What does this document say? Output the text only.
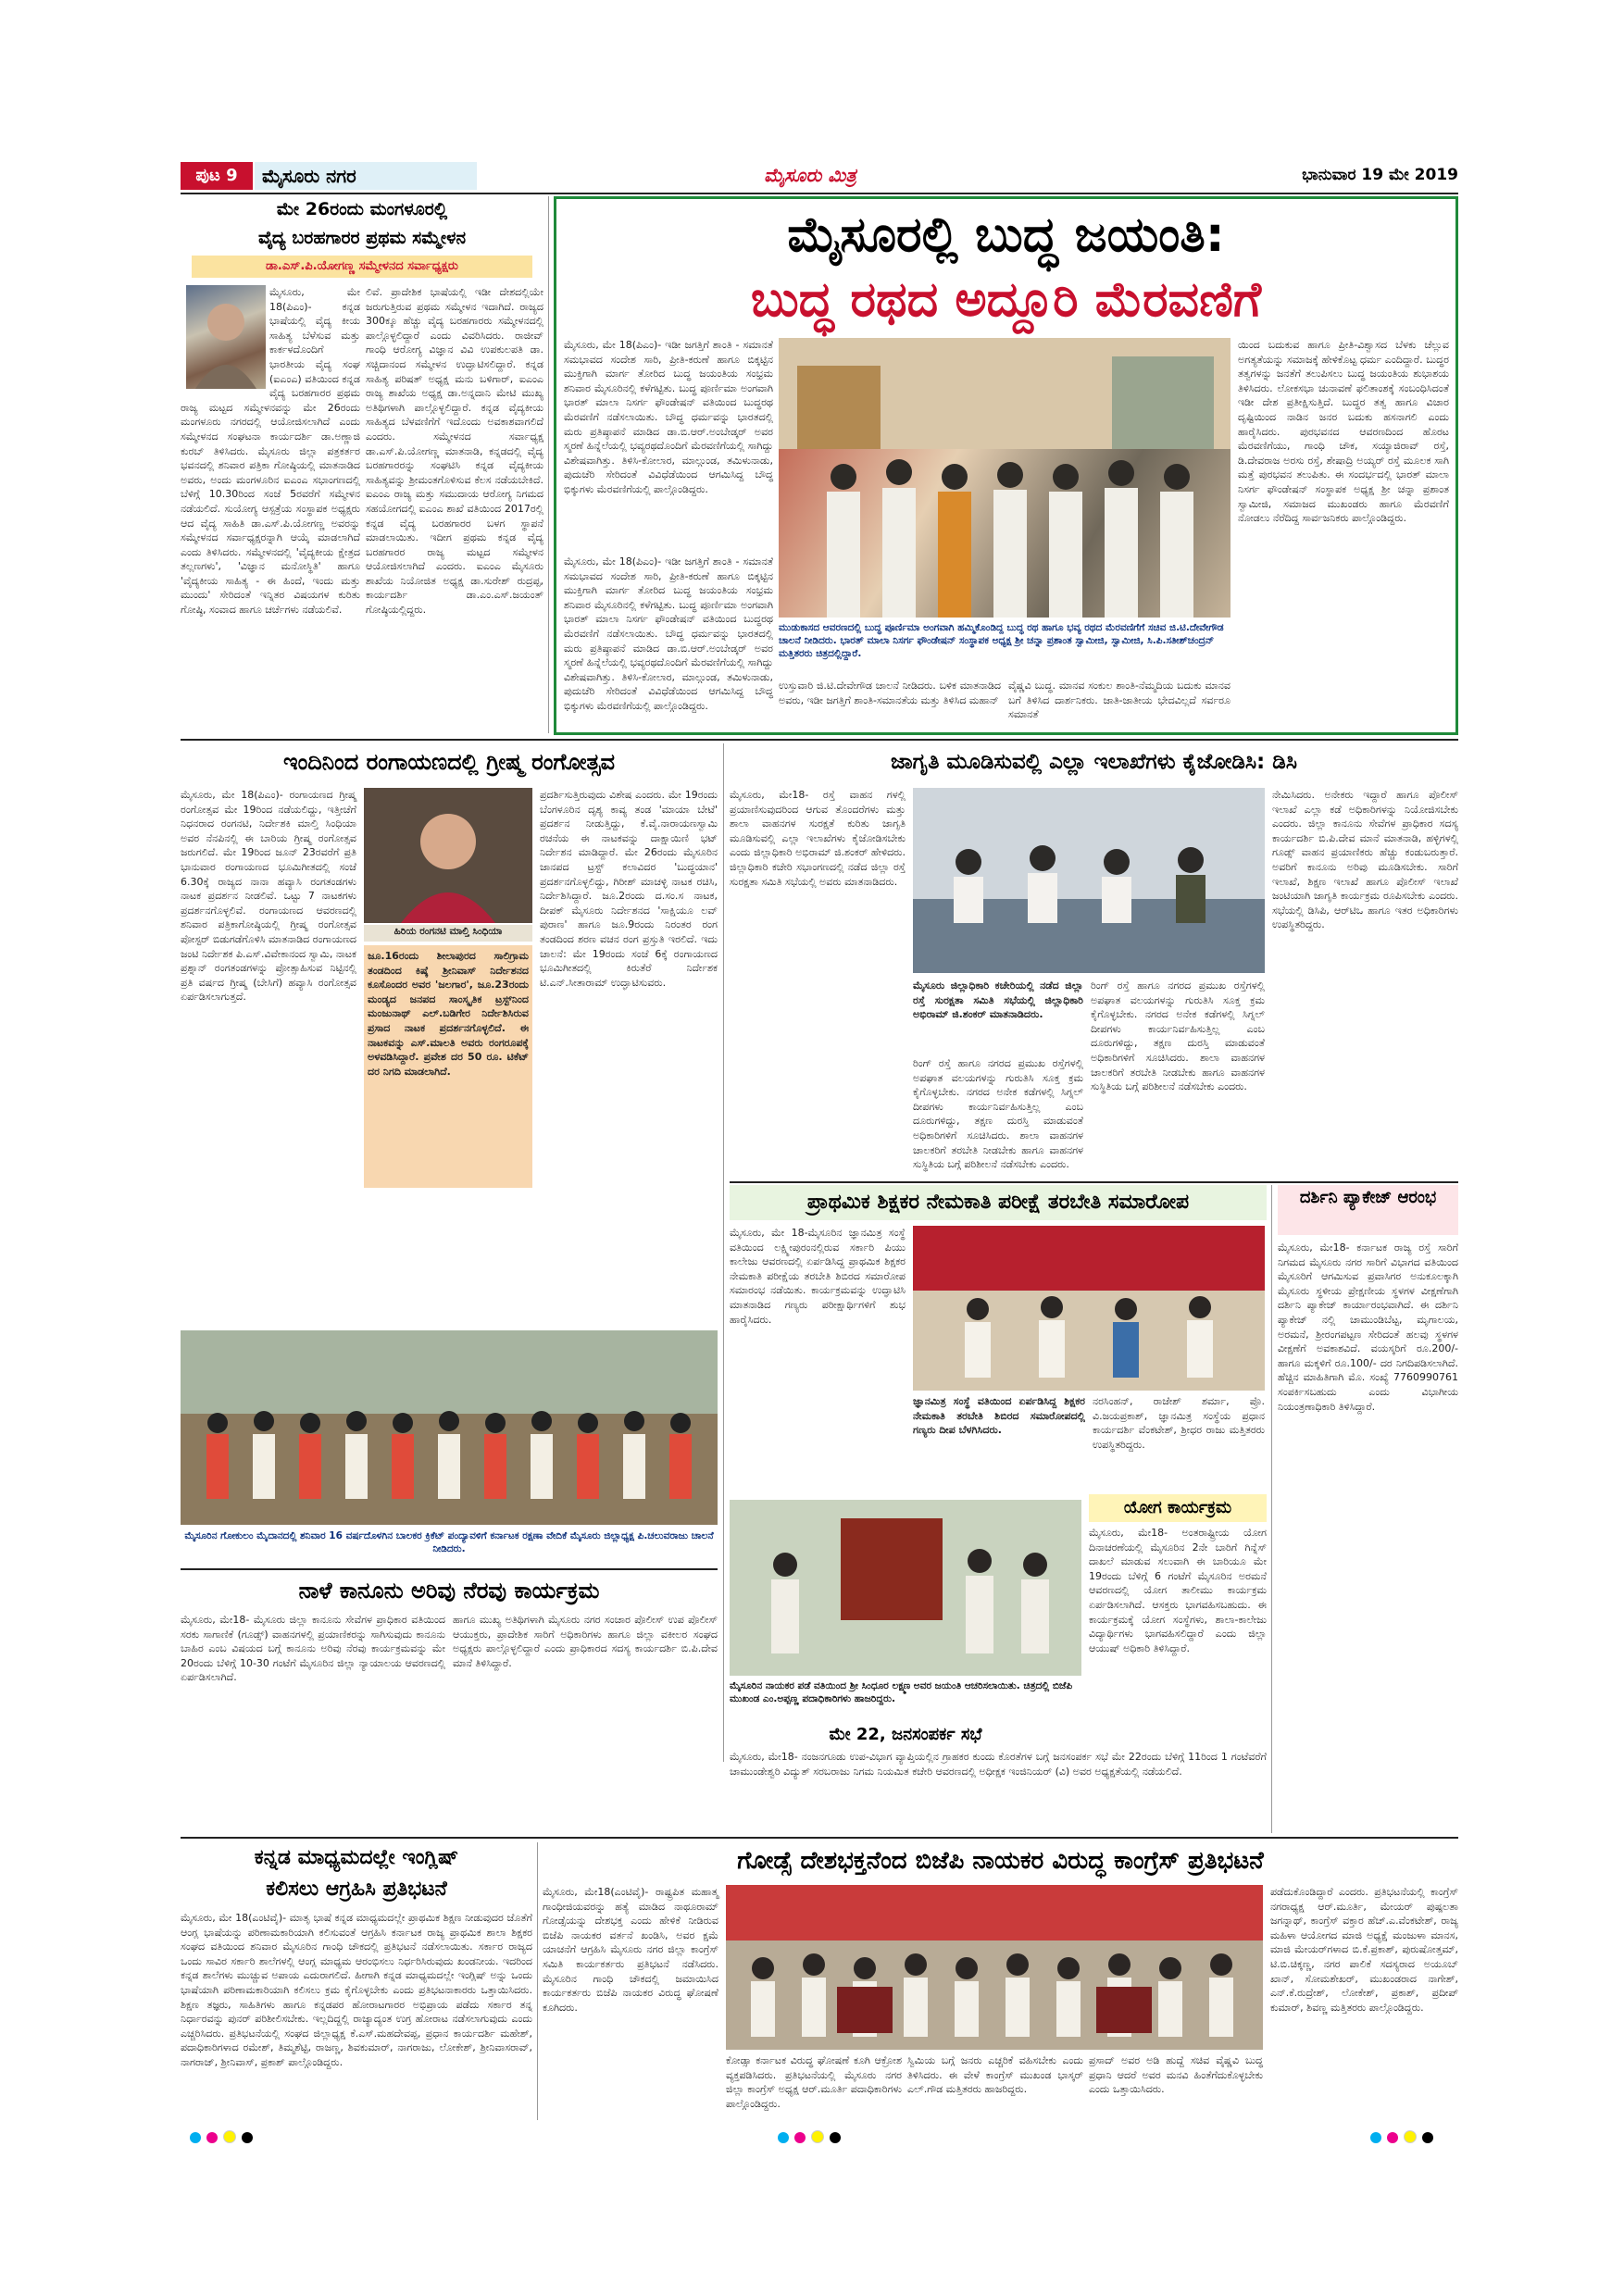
ಪುಟ 9	ಮೈಸೂರು ನಗರ	ಮೈಸೂರು ಮಿತ್ರ	ಭಾನುವಾರ 19 ಮೇ 2019
ಮೇ 26ರಂದು ಮಂಗಳೂರಲ್ಲಿ
ವೈದ್ಯ ಬರಹಗಾರರ ಪ್ರಥಮ ಸಮ್ಮೇಳನ
ಡಾ.ಎಸ್.ಪಿ.ಯೋಗಣ್ಣ ಸಮ್ಮೇಳನದ ಸರ್ವಾಧ್ಯಕ್ಷರು
ಮೈಸೂರು, ಮೇ 18(ಪಿಎಂ)- ಕನ್ನಡ ಭಾಷೆಯಲ್ಲಿ ವೈದ್ಯ ಕೀಯ ಸಾಹಿತ್ಯ ಬೆಳೆಸುವ ಮತ್ತು ಕಾರ್ಕಳದೊಂದಿಗೆ ಭಾರತೀಯ ವೈದ್ಯ ಸಂಘ (ಐಎಂಎ) ವತಿಯಿಂದ ಕನ್ನಡ ವೈದ್ಯ ಬರಹಗಾರರ ಪ್ರಥಮ ರಾಜ್ಯ ಮಟ್ಟದ ಸಮ್ಮೇಳನವನ್ನು ಮೇ 26ರಂದು ಮಂಗಳೂರು ನಗರದಲ್ಲಿ ಆಯೋಜಿಸಲಾಗಿದೆ ಎಂದು ಸಮ್ಮೇಳನದ ಸಂಘಟನಾ ಕಾರ್ಯದರ್ಶಿ ಡಾ.ಅಣ್ಣಾಜಿ ಕುರಬ್ ತಿಳಿಸಿದರು. ಮೈಸೂರು ಜಿಲ್ಲಾ ಪತ್ರಕರ್ತರ ಭವನದಲ್ಲಿ ಶನಿವಾರ ಪತ್ರಿಕಾ ಗೋಷ್ಠಿಯಲ್ಲಿ ಮಾತನಾಡಿದ ಅವರು, ಅಂದು ಮಂಗಳೂರಿನ ಐಎಂಎ ಸಭಾಂಗಣದಲ್ಲಿ ಬೆಳಿಗ್ಗೆ 10.30ರಿಂದ ಸಂಜೆ 5ರವರೆಗೆ ಸಮ್ಮೇಳನ ನಡೆಯಲಿದೆ. ಸುಯೋಗ್ಯ ಆಸ್ಪತ್ರೆಯ ಸಂಸ್ಥಾಪಕ ಅಧ್ಯಕ್ಷರು ಆದ ವೈದ್ಯ ಸಾಹಿತಿ ಡಾ.ಎಸ್.ಪಿ.ಯೋಗಣ್ಣ ಅವರನ್ನು ಸಮ್ಮೇಳನದ ಸರ್ವಾಧ್ಯಕ್ಷರನ್ನಾಗಿ ಆಯ್ಕೆ ಮಾಡಲಾಗಿದೆ ಎಂದು ತಿಳಿಸಿದರು. ಸಮ್ಮೇಳನದಲ್ಲಿ 'ವೈದ್ಯಕೀಯ ಕ್ಷೇತ್ರದ ತಲ್ಲಣಗಳು', 'ವಿಜ್ಞಾನ ಮನೋಸ್ಥಿತಿ' ಹಾಗೂ 'ವೈದ್ಯಕೀಯ ಸಾಹಿತ್ಯ - ಈ ಹಿಂದೆ, ಇಂದು ಮತ್ತು ಮುಂದು' ಸೇರಿದಂತೆ ಇನ್ನಿತರ ವಿಷಯಗಳ ಕುರಿತು ಗೋಷ್ಠಿ, ಸಂವಾದ ಹಾಗೂ ಚರ್ಚೆಗಳು ನಡೆಯಲಿವೆ.
ಲಿವೆ. ಪ್ರಾದೇಶಿಕ ಭಾಷೆಯಲ್ಲಿ ಇಡೀ ದೇಶದಲ್ಲಿಯೇ ಜರುಗುತ್ತಿರುವ ಪ್ರಥಮ ಸಮ್ಮೇಳನ ಇದಾಗಿದೆ. ರಾಜ್ಯದ 300ಕ್ಕೂ ಹೆಚ್ಚು ವೈದ್ಯ ಬರಹಗಾರರು ಸಮ್ಮೇಳನದಲ್ಲಿ ಪಾಲ್ಗೊಳ್ಳಲಿದ್ದಾರೆ ಎಂದು ವಿವರಿಸಿದರು. ರಾಜೀವ್ ಗಾಂಧಿ ಆರೋಗ್ಯ ವಿಜ್ಞಾನ ವಿವಿ ಉಪಕುಲಪತಿ ಡಾ. ಸಚ್ಚಿದಾನಂದ ಸಮ್ಮೇಳನ ಉದ್ಘಾಟಿಸಲಿದ್ದಾರೆ. ಕನ್ನಡ ಸಾಹಿತ್ಯ ಪರಿಷತ್ ಅಧ್ಯಕ್ಷ ಮನು ಬಳಿಗಾರ್, ಐಎಂಎ ರಾಜ್ಯ ಶಾಖೆಯ ಅಧ್ಯಕ್ಷ ಡಾ.ಅನ್ನದಾನಿ ಮೇಟಿ ಮುಖ್ಯ ಅತಿಥಿಗಳಾಗಿ ಪಾಲ್ಗೊಳ್ಳಲಿದ್ದಾರೆ. ಕನ್ನಡ ವೈದ್ಯಕೀಯ ಸಾಹಿತ್ಯದ ಬೆಳವಣಿಗೆಗೆ ಇದೊಂದು ಅವಕಾಶವಾಗಲಿದೆ ಎಂದರು. ಸಮ್ಮೇಳನದ ಸರ್ವಾಧ್ಯಕ್ಷ ಡಾ.ಎಸ್.ಪಿ.ಯೋಗಣ್ಣ ಮಾತನಾಡಿ, ಕನ್ನಡದಲ್ಲಿ ವೈದ್ಯ ಬರಹಗಾರರನ್ನು ಸಂಘಟಿಸಿ ಕನ್ನಡ ವೈದ್ಯಕೀಯ ಸಾಹಿತ್ಯವನ್ನು ಶ್ರೀಮಂತಗೊಳಿಸುವ ಕೆಲಸ ನಡೆಯಬೇಕಿದೆ. ಐಎಂಎ ರಾಜ್ಯ ಮತ್ತು ಸಮುದಾಯ ಆರೋಗ್ಯ ನಿಗಮದ ಸಹಯೋಗದಲ್ಲಿ ಐಎಂಎ ಶಾಖೆ ವತಿಯಿಂದ 2017ರಲ್ಲಿ ಕನ್ನಡ ವೈದ್ಯ ಬರಹಗಾರರ ಬಳಗ ಸ್ಥಾಪನೆ ಮಾಡಲಾಯಿತು. ಇದೀಗ ಪ್ರಥಮ ಕನ್ನಡ ವೈದ್ಯ ಬರಹಗಾರರ ರಾಜ್ಯ ಮಟ್ಟದ ಸಮ್ಮೇಳನ ಆಯೋಜಿಸಲಾಗಿದೆ ಎಂದರು. ಐಎಂಎ ಮೈಸೂರು ಶಾಖೆಯ ನಿಯೋಜಿತ ಅಧ್ಯಕ್ಷ ಡಾ.ಸುರೇಶ್ ರುದ್ರಪ್ಪ, ಕಾರ್ಯದರ್ಶಿ ಡಾ.ಎಂ.ಎಸ್.ಜಯಂತ್ ಗೋಷ್ಠಿಯಲ್ಲಿದ್ದರು.
ಮೈಸೂರಲ್ಲಿ ಬುದ್ಧ ಜಯಂತಿ:
ಬುದ್ಧ ರಥದ ಅದ್ದೂರಿ ಮೆರವಣಿಗೆ
ಮೈಸೂರು, ಮೇ 18(ಪಿಎಂ)- ಇಡೀ ಜಗತ್ತಿಗೆ ಶಾಂತಿ - ಸಮಾನತೆ ಸಮಭಾವದ ಸಂದೇಶ ಸಾರಿ, ಪ್ರೀತಿ-ಕರುಣೆ ಹಾಗೂ ಬಿಕ್ಕಟ್ಟಿನ ಮುಕ್ತಿಗಾಗಿ ಮಾರ್ಗ ತೋರಿದ ಬುದ್ಧ ಜಯಂತಿಯ ಸಂಭ್ರಮ ಶನಿವಾರ ಮೈಸೂರಿನಲ್ಲಿ ಕಳೆಗಟ್ಟಿತು. ಬುದ್ಧ ಪೂರ್ಣಿಮಾ ಅಂಗವಾಗಿ ಭಾರತ್ ಮಾಲಾ ನಿಸರ್ಗ ಫೌಂಡೇಷನ್ ವತಿಯಿಂದ ಬುದ್ಧರಥ ಮೆರವಣಿಗೆ ನಡೆಸಲಾಯಿತು. ಬೌದ್ಧ ಧರ್ಮವನ್ನು ಭಾರತದಲ್ಲಿ ಮರು ಪ್ರತಿಷ್ಠಾಪನೆ ಮಾಡಿದ ಡಾ.ಬಿ.ಆರ್.ಅಂಬೇಡ್ಕರ್ ಅವರ ಸ್ಮರಣೆ ಹಿನ್ನೆಲೆಯಲ್ಲಿ ಭವ್ಯರಥದೊಂದಿಗೆ ಮೆರವಣಿಗೆಯಲ್ಲಿ ಸಾಗಿದ್ದು ವಿಶೇಷವಾಗಿತ್ತು. ತಿಳಿಸಿ-ಕೋಲಾರ, ಮಾಲ್ಗುಂಡ, ತಮಿಳುನಾಡು, ಪುದುಚೆರಿ ಸೇರಿದಂತೆ ವಿವಿಧೆಡೆಯಿಂದ ಆಗಮಿಸಿದ್ದ ಬೌದ್ಧ ಭಿಕ್ಕುಗಳು ಮೆರವಣಿಗೆಯಲ್ಲಿ ಪಾಲ್ಗೊಂಡಿದ್ದರು.
ಯಿಂದ ಬದುಕುವ ಹಾಗೂ ಪ್ರೀತಿ-ವಿಶ್ವಾಸದ ಬೆಳಕು ಚೆಲ್ಲುವ ಅಗತ್ಯತೆಯನ್ನು ಸಮಾಜಕ್ಕೆ ಹೇಳಿಕೊಟ್ಟ ಧರ್ಮ ಎಂದಿದ್ದಾರೆ. ಬುದ್ಧರ ತತ್ವಗಳನ್ನು ಜನತೆಗೆ ತಲುಪಿಸಲು ಬುದ್ಧ ಜಯಂತಿಯ ಶುಭಾಶಯ ತಿಳಿಸಿದರು. ಲೋಕಸಭಾ ಚುನಾವಣೆ ಫಲಿತಾಂಶಕ್ಕೆ ಸಂಬಂಧಿಸಿದಂತೆ ಇಡೀ ದೇಶ ಪ್ರತೀಕ್ಷಿಸುತ್ತಿದೆ. ಬುದ್ಧರ ತತ್ವ ಹಾಗೂ ವಿಚಾರ ದೃಷ್ಟಿಯಿಂದ ನಾಡಿನ ಜನರ ಬದುಕು ಹಸನಾಗಲಿ ಎಂದು ಹಾರೈಸಿದರು. ಪುರಭವನದ ಆವರಣದಿಂದ ಹೊರಟ ಮೆರವಣಿಗೆಯು, ಗಾಂಧಿ ಚೌಕ, ಸಯ್ಯಾಜಿರಾವ್ ರಸ್ತೆ, ಡಿ.ದೇವರಾಜ ಅರಸು ರಸ್ತೆ, ಶೇಷಾದ್ರಿ ಅಯ್ಯರ್ ರಸ್ತೆ ಮೂಲಕ ಸಾಗಿ ಮತ್ತೆ ಪುರಭವನ ತಲುಪಿತು. ಈ ಸಂದರ್ಭದಲ್ಲಿ ಭಾರತ್ ಮಾಲಾ ನಿಸರ್ಗ ಫೌಂಡೇಷನ್ ಸಂಸ್ಥಾಪಕ ಅಧ್ಯಕ್ಷ ಶ್ರೀ ಚನ್ನಾ ಪ್ರಶಾಂತ ಸ್ವಾಮೀಜಿ, ಸಮಾಜದ ಮುಖಂಡರು ಹಾಗೂ ಮೆರವಣಿಗೆ ನೋಡಲು ನೆರೆದಿದ್ದ ಸಾರ್ವಜನಿಕರು ಪಾಲ್ಗೊಂಡಿದ್ದರು.
ಮೈಸೂರು, ಮೇ 18(ಪಿಎಂ)- ಇಡೀ ಜಗತ್ತಿಗೆ ಶಾಂತಿ - ಸಮಾನತೆ ಸಮಭಾವದ ಸಂದೇಶ ಸಾರಿ, ಪ್ರೀತಿ-ಕರುಣೆ ಹಾಗೂ ಬಿಕ್ಕಟ್ಟಿನ ಮುಕ್ತಿಗಾಗಿ ಮಾರ್ಗ ತೋರಿದ ಬುದ್ಧ ಜಯಂತಿಯ ಸಂಭ್ರಮ ಶನಿವಾರ ಮೈಸೂರಿನಲ್ಲಿ ಕಳೆಗಟ್ಟಿತು. ಬುದ್ಧ ಪೂರ್ಣಿಮಾ ಅಂಗವಾಗಿ ಭಾರತ್ ಮಾಲಾ ನಿಸರ್ಗ ಫೌಂಡೇಷನ್ ವತಿಯಿಂದ ಬುದ್ಧರಥ ಮೆರವಣಿಗೆ ನಡೆಸಲಾಯಿತು. ಬೌದ್ಧ ಧರ್ಮವನ್ನು ಭಾರತದಲ್ಲಿ ಮರು ಪ್ರತಿಷ್ಠಾಪನೆ ಮಾಡಿದ ಡಾ.ಬಿ.ಆರ್.ಅಂಬೇಡ್ಕರ್ ಅವರ ಸ್ಮರಣೆ ಹಿನ್ನೆಲೆಯಲ್ಲಿ ಭವ್ಯರಥದೊಂದಿಗೆ ಮೆರವಣಿಗೆಯಲ್ಲಿ ಸಾಗಿದ್ದು ವಿಶೇಷವಾಗಿತ್ತು. ತಿಳಿಸಿ-ಕೋಲಾರ, ಮಾಲ್ಗುಂಡ, ತಮಿಳುನಾಡು, ಪುದುಚೆರಿ ಸೇರಿದಂತೆ ವಿವಿಧೆಡೆಯಿಂದ ಆಗಮಿಸಿದ್ದ ಬೌದ್ಧ ಭಿಕ್ಕುಗಳು ಮೆರವಣಿಗೆಯಲ್ಲಿ ಪಾಲ್ಗೊಂಡಿದ್ದರು.
ಮುಡುಕಾಸದ ಆವರಣದಲ್ಲಿ ಬುದ್ಧ ಪೂರ್ಣಿಮಾ ಅಂಗವಾಗಿ ಹಮ್ಮಿಕೊಂಡಿದ್ದ ಬುದ್ಧ ರಥ ಹಾಗೂ ಭವ್ಯ ರಥದ ಮೆರವಣಿಗೆಗೆ ಸಚಿವ ಜಿ.ಟಿ.ದೇವೇಗೌಡ ಚಾಲನೆ ನೀಡಿದರು. ಭಾರತ್ ಮಾಲಾ ನಿಸರ್ಗ ಫೌಂಡೇಷನ್ ಸಂಸ್ಥಾಪಕ ಅಧ್ಯಕ್ಷ ಶ್ರೀ ಚನ್ನಾ ಪ್ರಶಾಂತ ಸ್ವಾಮೀಜಿ, ಸ್ವಾಮೀಜಿ, ಸಿ.ಪಿ.ಸತೀಶ್‌ಚಂದ್ರನ್ ಮತ್ತಿತರರು ಚಿತ್ರದಲ್ಲಿದ್ದಾರೆ.
ಉಸ್ತುವಾರಿ ಜಿ.ಟಿ.ದೇವೇಗೌಡ ಚಾಲನೆ ನೀಡಿದರು. ಬಳಿಕ ಮಾತನಾಡಿದ ಅವರು, ಇಡೀ ಜಗತ್ತಿಗೆ ಶಾಂತಿ-ಸಮಾನತೆಯ ಮತ್ತು ತಿಳಿಸಿದ ಮಹಾನ್
ವೈಷ್ಣವಿ ಬುದ್ಧ. ಮಾನವ ಸಂಕುಲ ಶಾಂತಿ-ನೆಮ್ಮದಿಯ ಬದುಕು ಮಾನವ ಬಗೆ ತಿಳಿಸಿದ ದಾರ್ಶನಿಕರು. ಜಾತಿ-ಜಾತೀಯ ಭೇದವಿಲ್ಲದೆ ಸರ್ವರೂ ಸಮಾನತೆ
ಇಂದಿನಿಂದ ರಂಗಾಯಣದಲ್ಲಿ ಗ್ರೀಷ್ಮ ರಂಗೋತ್ಸವ
ಮೈಸೂರು, ಮೇ 18(ಪಿಎಂ)- ರಂಗಾಯಣದ ಗ್ರೀಷ್ಮ ರಂಗೋತ್ಸವ ಮೇ 19ರಿಂದ ನಡೆಯಲಿದ್ದು, ಇತ್ತೀಚೆಗೆ ನಿಧನರಾದ ರಂಗನಟಿ, ನಿರ್ದೇಶಕಿ ಮಾಲ್ತಿ ಸಿಂಧಿಯಾ ಅವರ ನೆನಪಿನಲ್ಲಿ ಈ ಬಾರಿಯ ಗ್ರೀಷ್ಮ ರಂಗೋತ್ಸವ ಜರುಗಲಿದೆ. ಮೇ 19ರಿಂದ ಜೂನ್ 23ರವರೆಗೆ ಪ್ರತಿ ಭಾನುವಾರ ರಂಗಾಯಣದ ಭೂಮಿಗೀತದಲ್ಲಿ ಸಂಜೆ 6.30ಕ್ಕೆ ರಾಜ್ಯದ ನಾನಾ ಹವ್ಯಾಸಿ ರಂಗತಂಡಗಳು ನಾಟಕ ಪ್ರದರ್ಶನ ನೀಡಲಿವೆ. ಒಟ್ಟು 7 ನಾಟಕಗಳು ಪ್ರದರ್ಶನಗೊಳ್ಳಲಿವೆ. ರಂಗಾಯಣದ ಆವರಣದಲ್ಲಿ ಶನಿವಾರ ಪತ್ರಿಕಾಗೋಷ್ಠಿಯಲ್ಲಿ ಗ್ರೀಷ್ಮ ರಂಗೋತ್ಸವ ಪೋಸ್ಟರ್ ಬಿಡುಗಡೆಗೊಳಿಸಿ ಮಾತನಾಡಿದ ರಂಗಾಯಣದ ಜಂಟಿ ನಿರ್ದೇಶಕ ಪಿ.ಎಸ್.ವಿವೇಕಾನಂದ ಸ್ವಾಮಿ, ನಾಟಕ ಪ್ರಶ್ನಾನ್ ರಂಗತಂಡಗಳನ್ನು ಪ್ರೋತ್ಸಾಹಿಸುವ ನಿಟ್ಟಿನಲ್ಲಿ ಪ್ರತಿ ವರ್ಷದ ಗ್ರೀಷ್ಮ (ಬೇಸಿಗೆ) ಹವ್ಯಾಸಿ ರಂಗೋತ್ಸವ ಏರ್ಪಡಿಸಲಾಗುತ್ತದೆ.
ಹಿರಿಯ ರಂಗನಟಿ ಮಾಲ್ತಿ ಸಿಂಧಿಯಾ
ಜೂ.16ರಂದು ಶೀಲಾಪುರದ ಸಾಲಿಗ್ರಾಮ ತಂಡದಿಂದ ಕಿಷ್ಕೆ ಶ್ರೀನಿವಾಸ್ ನಿರ್ದೇಶನದ ಕೂಸೊಂದರ ಅವರ 'ಜಲಗಾರ', ಜೂ.23ರಂದು ಮಂಡ್ಯದ ಜನಪದ ಸಾಂಸ್ಕೃತಿಕ ಟ್ರಸ್ಟ್‌ನಿಂದ ಮಂಜುನಾಥ್ ಎಲ್.ಬಡಿಗೇರ ನಿರ್ದೇಶಿಸಿರುವ ಪ್ರಸಾದ ನಾಟಕ ಪ್ರದರ್ಶನಗೊಳ್ಳಲಿದೆ. ಈ ನಾಟಕವನ್ನು ಎಸ್.ಮಾಲತಿ ಅವರು ರಂಗರೂಪಕ್ಕೆ ಅಳವಡಿಸಿದ್ದಾರೆ. ಪ್ರವೇಶ ದರ 50 ರೂ. ಟಿಕೆಟ್ ದರ ನಿಗದಿ ಮಾಡಲಾಗಿದೆ.
ಪ್ರದರ್ಶಿಸುತ್ತಿರುವುದು ವಿಶೇಷ ಎಂದರು. ಮೇ 19ರಂದು ಬೆಂಗಳೂರಿನ ದೃಶ್ಯ ಕಾವ್ಯ ತಂಡ 'ಮಾಯಾ ಬೇಟೆ' ಪ್ರದರ್ಶನ ನೀಡುತ್ತಿದ್ದು, ಕೆ.ವೈ.ನಾರಾಯಣಸ್ವಾಮಿ ರಚನೆಯ ಈ ನಾಟಕವನ್ನು ದಾಕ್ಷಾಯಿಣಿ ಭಟ್ ನಿರ್ದೇಶನ ಮಾಡಿದ್ದಾರೆ. ಮೇ 26ರಂದು ಮೈಸೂರಿನ ಜಾನಪದ ಟ್ರಸ್ಟ್ ಕಲಾವಿದರ 'ಬುದ್ಧಯಾನ' ಪ್ರದರ್ಶನಗೊಳ್ಳಲಿದ್ದು, ಗಿರೀಶ್ ಮಾಚಳ್ಳಿ ನಾಟಕ ರಚಿಸಿ, ನಿರ್ದೇಶಿಸಿದ್ದಾರೆ. ಜೂ.2ರಂದು ದ.ಸಂ.ಸ ನಾಟಕ, ದೀಪಕ್ ಮೈಸೂರು ನಿರ್ದೇಶನದ 'ಸಾಕ್ಷಿಯೂ ಲವ್ ಪುರಾಣ' ಹಾಗೂ ಜೂ.9ರಂದು ನಿರಂತರ ರಂಗ ತಂಡದಿಂದ ಶರಣ ವಚನ ರಂಗ ಪ್ರಸ್ತುತಿ ಇರಲಿದೆ. ಇದು ಚಾಲನೆ: ಮೇ 19ರಂದು ಸಂಜೆ 6ಕ್ಕೆ ರಂಗಾಯಣದ ಭೂಮಿಗೀತದಲ್ಲಿ ಕಿರುತೆರೆ ನಿರ್ದೇಶಕ ಟಿ.ಎನ್.ಸೀತಾರಾಮ್ ಉದ್ಘಾಟಿಸುವರು.
ಮೈಸೂರಿನ ಗೋಕುಲಂ ಮೈದಾನದಲ್ಲಿ ಶನಿವಾರ 16 ವರ್ಷದೊಳಗಿನ ಬಾಲಕರ ಕ್ರಿಕೆಟ್ ಪಂದ್ಯಾವಳಿಗೆ ಕರ್ನಾಟಕ ರಕ್ಷಣಾ ವೇದಿಕೆ ಮೈಸೂರು ಜಿಲ್ಲಾಧ್ಯಕ್ಷ ಪಿ.ಚಲುವರಾಜು ಚಾಲನೆ ನೀಡಿದರು.
ನಾಳೆ ಕಾನೂನು ಅರಿವು ನೆರವು ಕಾರ್ಯಕ್ರಮ
ಮೈಸೂರು, ಮೇ18- ಮೈಸೂರು ಜಿಲ್ಲಾ ಕಾನೂನು ಸೇವೆಗಳ ಪ್ರಾಧಿಕಾರ ವತಿಯಿಂದ ಸರಕು ಸಾಗಾಣಿಕೆ (ಗೂಡ್ಸ್) ವಾಹನಗಳಲ್ಲಿ ಪ್ರಯಾಣಿಕರನ್ನು ಸಾಗಿಸುವುದು ಕಾನೂನು ಬಾಹಿರ ಎಂಬ ವಿಷಯದ ಬಗ್ಗೆ ಕಾನೂನು ಅರಿವು ನೆರವು ಕಾರ್ಯಕ್ರಮವನ್ನು ಮೇ 20ರಂದು ಬೆಳಿಗ್ಗೆ 10-30 ಗಂಟೆಗೆ ಮೈಸೂರಿನ ಜಿಲ್ಲಾ ನ್ಯಾಯಾಲಯ ಆವರಣದಲ್ಲಿ ಏರ್ಪಡಿಸಲಾಗಿದೆ.
ಹಾಗೂ ಮುಖ್ಯ ಅತಿಥಿಗಳಾಗಿ ಮೈಸೂರು ನಗರ ಸಂಚಾರ ಪೊಲೀಸ್ ಉಪ ಪೊಲೀಸ್ ಆಯುಕ್ತರು, ಪ್ರಾದೇಶಿಕ ಸಾರಿಗೆ ಅಧಿಕಾರಿಗಳು ಹಾಗೂ ಜಿಲ್ಲಾ ವಕೀಲರ ಸಂಘದ ಅಧ್ಯಕ್ಷರು ಪಾಲ್ಗೊಳ್ಳಲಿದ್ದಾರೆ ಎಂದು ಪ್ರಾಧಿಕಾರದ ಸದಸ್ಯ ಕಾರ್ಯದರ್ಶಿ ಬಿ.ಪಿ.ದೇವ ಮಾನೆ ತಿಳಿಸಿದ್ದಾರೆ.
ಜಾಗೃತಿ ಮೂಡಿಸುವಲ್ಲಿ ಎಲ್ಲಾ ಇಲಾಖೆಗಳು ಕೈಜೋಡಿಸಿ: ಡಿಸಿ
ಮೈಸೂರು, ಮೇ18- ರಸ್ತೆ ವಾಹನ ಗಳಲ್ಲಿ ಪ್ರಯಾಣಿಸುವುದರಿಂದ ಆಗುವ ತೊಂದರೆಗಳು ಮತ್ತು ಶಾಲಾ ವಾಹನಗಳ ಸುರಕ್ಷತೆ ಕುರಿತು ಜಾಗೃತಿ ಮೂಡಿಸುವಲ್ಲಿ ಎಲ್ಲಾ ಇಲಾಖೆಗಳು ಕೈಜೋಡಿಸಬೇಕು ಎಂದು ಜಿಲ್ಲಾಧಿಕಾರಿ ಅಭಿರಾಮ್ ಜಿ.ಶಂಕರ್ ಹೇಳಿದರು. ಜಿಲ್ಲಾಧಿಕಾರಿ ಕಚೇರಿ ಸಭಾಂಗಣದಲ್ಲಿ ನಡೆದ ಜಿಲ್ಲಾ ರಸ್ತೆ ಸುರಕ್ಷತಾ ಸಮಿತಿ ಸಭೆಯಲ್ಲಿ ಅವರು ಮಾತನಾಡಿದರು.
ಮೈಸೂರು ಜಿಲ್ಲಾಧಿಕಾರಿ ಕಚೇರಿಯಲ್ಲಿ ನಡೆದ ಜಿಲ್ಲಾ ರಸ್ತೆ ಸುರಕ್ಷತಾ ಸಮಿತಿ ಸಭೆಯಲ್ಲಿ ಜಿಲ್ಲಾಧಿಕಾರಿ ಅಭಿರಾಮ್ ಜಿ.ಶಂಕರ್ ಮಾತನಾಡಿದರು.
ರಿಂಗ್ ರಸ್ತೆ ಹಾಗೂ ನಗರದ ಪ್ರಮುಖ ರಸ್ತೆಗಳಲ್ಲಿ ಅಪಘಾತ ವಲಯಗಳನ್ನು ಗುರುತಿಸಿ ಸೂಕ್ತ ಕ್ರಮ ಕೈಗೊಳ್ಳಬೇಕು. ನಗರದ ಅನೇಕ ಕಡೆಗಳಲ್ಲಿ ಸಿಗ್ನಲ್ ದೀಪಗಳು ಕಾರ್ಯನಿರ್ವಹಿಸುತ್ತಿಲ್ಲ ಎಂಬ ದೂರುಗಳಿದ್ದು, ತಕ್ಷಣ ದುರಸ್ತಿ ಮಾಡುವಂತೆ ಅಧಿಕಾರಿಗಳಿಗೆ ಸೂಚಿಸಿದರು. ಶಾಲಾ ವಾಹನಗಳ ಚಾಲಕರಿಗೆ ತರಬೇತಿ ನೀಡಬೇಕು ಹಾಗೂ ವಾಹನಗಳ ಸುಸ್ಥಿತಿಯ ಬಗ್ಗೆ ಪರಿಶೀಲನೆ ನಡೆಸಬೇಕು ಎಂದರು.
ರಿಂಗ್ ರಸ್ತೆ ಹಾಗೂ ನಗರದ ಪ್ರಮುಖ ರಸ್ತೆಗಳಲ್ಲಿ ಅಪಘಾತ ವಲಯಗಳನ್ನು ಗುರುತಿಸಿ ಸೂಕ್ತ ಕ್ರಮ ಕೈಗೊಳ್ಳಬೇಕು. ನಗರದ ಅನೇಕ ಕಡೆಗಳಲ್ಲಿ ಸಿಗ್ನಲ್ ದೀಪಗಳು ಕಾರ್ಯನಿರ್ವಹಿಸುತ್ತಿಲ್ಲ ಎಂಬ ದೂರುಗಳಿದ್ದು, ತಕ್ಷಣ ದುರಸ್ತಿ ಮಾಡುವಂತೆ ಅಧಿಕಾರಿಗಳಿಗೆ ಸೂಚಿಸಿದರು. ಶಾಲಾ ವಾಹನಗಳ ಚಾಲಕರಿಗೆ ತರಬೇತಿ ನೀಡಬೇಕು ಹಾಗೂ ವಾಹನಗಳ ಸುಸ್ಥಿತಿಯ ಬಗ್ಗೆ ಪರಿಶೀಲನೆ ನಡೆಸಬೇಕು ಎಂದರು.
ನೇಮಿಸಿದರು. ಅನೇಕರು ಇದ್ದಾರೆ ಹಾಗೂ ಪೊಲೀಸ್ ಇಲಾಖೆ ಎಲ್ಲಾ ಕಡೆ ಅಧಿಕಾರಿಗಳನ್ನು ನಿಯೋಜಿಸಬೇಕು ಎಂದರು. ಜಿಲ್ಲಾ ಕಾನೂನು ಸೇವೆಗಳ ಪ್ರಾಧಿಕಾರ ಸದಸ್ಯ ಕಾರ್ಯದರ್ಶಿ ಬಿ.ಪಿ.ದೇವ ಮಾನೆ ಮಾತನಾಡಿ, ಹಳ್ಳಿಗಳಲ್ಲಿ ಗೂಡ್ಸ್ ವಾಹನ ಪ್ರಯಾಣಿಕರು ಹೆಚ್ಚು ಕಂಡುಬರುತ್ತಾರೆ. ಅವರಿಗೆ ಕಾನೂನು ಅರಿವು ಮೂಡಿಸಬೇಕು. ಸಾರಿಗೆ ಇಲಾಖೆ, ಶಿಕ್ಷಣ ಇಲಾಖೆ ಹಾಗೂ ಪೊಲೀಸ್ ಇಲಾಖೆ ಜಂಟಿಯಾಗಿ ಜಾಗೃತಿ ಕಾರ್ಯಕ್ರಮ ರೂಪಿಸಬೇಕು ಎಂದರು. ಸಭೆಯಲ್ಲಿ ಡಿಸಿಪಿ, ಆರ್‌ಟಿಒ ಹಾಗೂ ಇತರ ಅಧಿಕಾರಿಗಳು ಉಪಸ್ಥಿತರಿದ್ದರು.
ಪ್ರಾಥಮಿಕ ಶಿಕ್ಷಕರ ನೇಮಕಾತಿ ಪರೀಕ್ಷೆ ತರಬೇತಿ ಸಮಾರೋಪ
ಮೈಸೂರು, ಮೇ 18-ಮೈಸೂರಿನ ಜ್ಞಾನಮಿತ್ರ ಸಂಸ್ಥೆ ವತಿಯಿಂದ ಲಕ್ಷ್ಮೀಪುರಂನಲ್ಲಿರುವ ಸರ್ಕಾರಿ ಪಿಯು ಕಾಲೇಜು ಆವರಣದಲ್ಲಿ ಏರ್ಪಡಿಸಿದ್ದ ಪ್ರಾಥಮಿಕ ಶಿಕ್ಷಕರ ನೇಮಕಾತಿ ಪರೀಕ್ಷೆಯ ತರಬೇತಿ ಶಿಬಿರದ ಸಮಾರೋಪ ಸಮಾರಂಭ ನಡೆಯಿತು. ಕಾರ್ಯಕ್ರಮವನ್ನು ಉದ್ಘಾಟಿಸಿ ಮಾತನಾಡಿದ ಗಣ್ಯರು ಪರೀಕ್ಷಾರ್ಥಿಗಳಿಗೆ ಶುಭ ಹಾರೈಸಿದರು.
ಜ್ಞಾನಮಿತ್ರ ಸಂಸ್ಥೆ ವತಿಯಿಂದ ಏರ್ಪಡಿಸಿದ್ದ ಶಿಕ್ಷಕರ ನೇಮಕಾತಿ ತರಬೇತಿ ಶಿಬಿರದ ಸಮಾರೋಪದಲ್ಲಿ ಗಣ್ಯರು ದೀಪ ಬೆಳಗಿಸಿದರು.
ನರಸಿಂಹನ್, ರಾಜೇಶ್ ಶರ್ಮಾ, ಪ್ರೊ. ವಿ.ಜಯಪ್ರಕಾಶ್, ಜ್ಞಾನಮಿತ್ರ ಸಂಸ್ಥೆಯ ಪ್ರಧಾನ ಕಾರ್ಯದರ್ಶಿ ವೆಂಕಟೇಶ್, ಶ್ರೀಧರ ರಾಜು ಮತ್ತಿತರರು ಉಪಸ್ಥಿತರಿದ್ದರು.
ಮೈಸೂರಿನ ನಾಯಕರ ಪಡೆ ವತಿಯಿಂದ ಶ್ರೀ ಸಿಂಧೂರ ಲಕ್ಷ್ಮಣ ಅವರ ಜಯಂತಿ ಆಚರಿಸಲಾಯಿತು. ಚಿತ್ರದಲ್ಲಿ ಬಿಜೆಪಿ ಮುಖಂಡ ಎಂ.ಅಪ್ಪಣ್ಣ ಪದಾಧಿಕಾರಿಗಳು ಹಾಜರಿದ್ದರು.
ಮೇ 22, ಜನಸಂಪರ್ಕ ಸಭೆ
ಮೈಸೂರು, ಮೇ18- ನಂಜನಗೂಡು ಉಪ-ವಿಭಾಗ ವ್ಯಾಪ್ತಿಯಲ್ಲಿನ ಗ್ರಾಹಕರ ಕುಂದು ಕೊರತೆಗಳ ಬಗ್ಗೆ ಜನಸಂಪರ್ಕ ಸಭೆ ಮೇ 22ರಂದು ಬೆಳಿಗ್ಗೆ 11ರಿಂದ 1 ಗಂಟೆವರೆಗೆ ಚಾಮುಂಡೇಶ್ವರಿ ವಿದ್ಯುತ್ ಸರಬರಾಜು ನಿಗಮ ನಿಯಮಿತ ಕಚೇರಿ ಆವರಣದಲ್ಲಿ ಅಧೀಕ್ಷಕ ಇಂಜಿನಿಯರ್ (ವಿ) ಅವರ ಅಧ್ಯಕ್ಷತೆಯಲ್ಲಿ ನಡೆಯಲಿದೆ.
ಯೋಗ ಕಾರ್ಯಕ್ರಮ
ಮೈಸೂರು, ಮೇ18- ಅಂತರಾಷ್ಟ್ರೀಯ ಯೋಗ ದಿನಾಚರಣೆಯಲ್ಲಿ ಮೈಸೂರಿನ 2ನೇ ಬಾರಿಗೆ ಗಿನ್ನೆಸ್ ದಾಖಲೆ ಮಾಡುವ ಸಲುವಾಗಿ ಈ ಬಾರಿಯೂ ಮೇ 19ರಂದು ಬೆಳಿಗ್ಗೆ 6 ಗಂಟೆಗೆ ಮೈಸೂರಿನ ಅರಮನೆ ಆವರಣದಲ್ಲಿ ಯೋಗ ತಾಲೀಮು ಕಾರ್ಯಕ್ರಮ ಏರ್ಪಡಿಸಲಾಗಿದೆ. ಆಸಕ್ತರು ಭಾಗವಹಿಸಬಹುದು. ಈ ಕಾರ್ಯಕ್ರಮಕ್ಕೆ ಯೋಗ ಸಂಸ್ಥೆಗಳು, ಶಾಲಾ-ಕಾಲೇಜು ವಿದ್ಯಾರ್ಥಿಗಳು ಭಾಗವಹಿಸಲಿದ್ದಾರೆ ಎಂದು ಜಿಲ್ಲಾ ಆಯುಷ್ ಅಧಿಕಾರಿ ತಿಳಿಸಿದ್ದಾರೆ.
ದರ್ಶಿನಿ ಪ್ಯಾಕೇಜ್ ಆರಂಭ
ಮೈಸೂರು, ಮೇ18- ಕರ್ನಾಟಕ ರಾಜ್ಯ ರಸ್ತೆ ಸಾರಿಗೆ ನಿಗಮದ ಮೈಸೂರು ನಗರ ಸಾರಿಗೆ ವಿಭಾಗದ ವತಿಯಿಂದ ಮೈಸೂರಿಗೆ ಆಗಮಿಸುವ ಪ್ರವಾಸಿಗರ ಅನುಕೂಲಕ್ಕಾಗಿ ಮೈಸೂರು ಸ್ಥಳೀಯ ಪ್ರೇಕ್ಷಣೀಯ ಸ್ಥಳಗಳ ವೀಕ್ಷಣೆಗಾಗಿ ದರ್ಶಿನಿ ಪ್ಯಾಕೇಜ್ ಕಾರ್ಯಾರಂಭವಾಗಿದೆ. ಈ ದರ್ಶಿನಿ ಪ್ಯಾಕೇಜ್ ನಲ್ಲಿ ಚಾಮುಂಡಿಬೆಟ್ಟ, ಮೃಗಾಲಯ, ಅರಮನೆ, ಶ್ರೀರಂಗಪಟ್ಟಣ ಸೇರಿದಂತೆ ಹಲವು ಸ್ಥಳಗಳ ವೀಕ್ಷಣೆಗೆ ಅವಕಾಶವಿದೆ. ವಯಸ್ಕರಿಗೆ ರೂ.200/- ಹಾಗೂ ಮಕ್ಕಳಿಗೆ ರೂ.100/- ದರ ನಿಗದಿಪಡಿಸಲಾಗಿದೆ. ಹೆಚ್ಚಿನ ಮಾಹಿತಿಗಾಗಿ ಮೊ. ಸಂಖ್ಯೆ 7760990761 ಸಂಪರ್ಕಿಸಬಹುದು ಎಂದು ವಿಭಾಗೀಯ ನಿಯಂತ್ರಣಾಧಿಕಾರಿ ತಿಳಿಸಿದ್ದಾರೆ.
ಕನ್ನಡ ಮಾಧ್ಯಮದಲ್ಲೇ ಇಂಗ್ಲಿಷ್
ಕಲಿಸಲು ಆಗ್ರಹಿಸಿ ಪ್ರತಿಭಟನೆ
ಮೈಸೂರು, ಮೇ 18(ಎಂಟಿವೈ)- ಮಾತೃ ಭಾಷೆ ಕನ್ನಡ ಮಾಧ್ಯಮದಲ್ಲೇ ಪ್ರಾಥಮಿಕ ಶಿಕ್ಷಣ ನೀಡುವುದರ ಜೊತೆಗೆ ಆಂಗ್ಲ ಭಾಷೆಯನ್ನು ಪರಿಣಾಮಕಾರಿಯಾಗಿ ಕಲಿಸುವಂತೆ ಆಗ್ರಹಿಸಿ ಕರ್ನಾಟಕ ರಾಜ್ಯ ಪ್ರಾಥಮಿಕ ಶಾಲಾ ಶಿಕ್ಷಕರ ಸಂಘದ ವತಿಯಿಂದ ಶನಿವಾರ ಮೈಸೂರಿನ ಗಾಂಧಿ ಚೌಕದಲ್ಲಿ ಪ್ರತಿಭಟನೆ ನಡೆಸಲಾಯಿತು. ಸರ್ಕಾರ ರಾಜ್ಯದ ಒಂದು ಸಾವಿರ ಸರ್ಕಾರಿ ಶಾಲೆಗಳಲ್ಲಿ ಆಂಗ್ಲ ಮಾಧ್ಯಮ ಆರಂಭಿಸಲು ನಿರ್ಧರಿಸಿರುವುದು ಖಂಡನೀಯ. ಇದರಿಂದ ಕನ್ನಡ ಶಾಲೆಗಳು ಮುಚ್ಚುವ ಅಪಾಯ ಎದುರಾಗಲಿದೆ. ಹೀಗಾಗಿ ಕನ್ನಡ ಮಾಧ್ಯಮದಲ್ಲೇ ಇಂಗ್ಲಿಷ್ ಅನ್ನು ಒಂದು ಭಾಷೆಯಾಗಿ ಪರಿಣಾಮಕಾರಿಯಾಗಿ ಕಲಿಸಲು ಕ್ರಮ ಕೈಗೊಳ್ಳಬೇಕು ಎಂದು ಪ್ರತಿಭಟನಾಕಾರರು ಒತ್ತಾಯಿಸಿದರು. ಶಿಕ್ಷಣ ತಜ್ಞರು, ಸಾಹಿತಿಗಳು ಹಾಗೂ ಕನ್ನಡಪರ ಹೋರಾಟಗಾರರ ಅಭಿಪ್ರಾಯ ಪಡೆದು ಸರ್ಕಾರ ತನ್ನ ನಿರ್ಧಾರವನ್ನು ಪುನರ್ ಪರಿಶೀಲಿಸಬೇಕು. ಇಲ್ಲದಿದ್ದಲ್ಲಿ ರಾಜ್ಯಾದ್ಯಂತ ಉಗ್ರ ಹೋರಾಟ ನಡೆಸಲಾಗುವುದು ಎಂದು ಎಚ್ಚರಿಸಿದರು. ಪ್ರತಿಭಟನೆಯಲ್ಲಿ ಸಂಘದ ಜಿಲ್ಲಾಧ್ಯಕ್ಷ ಕೆ.ಎಸ್.ಮಹದೇವಪ್ಪ, ಪ್ರಧಾನ ಕಾರ್ಯದರ್ಶಿ ಮಹೇಶ್, ಪದಾಧಿಕಾರಿಗಳಾದ ರಮೇಶ್, ತಿಮ್ಮಶೆಟ್ಟಿ, ರಾಜಣ್ಣ, ಶಿವಕುಮಾರ್, ನಾಗರಾಜು, ಲೋಕೇಶ್, ಶ್ರೀನಿವಾಸರಾವ್, ನಾಗರಾಜ್, ಶ್ರೀನಿವಾಸ್, ಪ್ರಕಾಶ್ ಪಾಲ್ಗೊಂಡಿದ್ದರು.
ಗೋಡ್ಸೆ ದೇಶಭಕ್ತನೆಂದ ಬಿಜೆಪಿ ನಾಯಕರ ವಿರುದ್ಧ ಕಾಂಗ್ರೆಸ್ ಪ್ರತಿಭಟನೆ
ಮೈಸೂರು, ಮೇ18(ಎಂಟಿವೈ)- ರಾಷ್ಟ್ರಪಿತ ಮಹಾತ್ಮ ಗಾಂಧೀಜಿಯವರನ್ನು ಹತ್ಯೆ ಮಾಡಿದ ನಾಥೂರಾಮ್ ಗೋಡ್ಸೆಯನ್ನು ದೇಶಭಕ್ತ ಎಂದು ಹೇಳಿಕೆ ನೀಡಿರುವ ಬಿಜೆಪಿ ನಾಯಕರ ವರ್ತನೆ ಖಂಡಿಸಿ, ಅವರ ಕ್ಷಮೆ ಯಾಚನೆಗೆ ಆಗ್ರಹಿಸಿ ಮೈಸೂರು ನಗರ ಜಿಲ್ಲಾ ಕಾಂಗ್ರೆಸ್ ಸಮಿತಿ ಕಾರ್ಯಕರ್ತರು ಪ್ರತಿಭಟನೆ ನಡೆಸಿದರು. ಮೈಸೂರಿನ ಗಾಂಧಿ ಚೌಕದಲ್ಲಿ ಜಮಾಯಿಸಿದ ಕಾರ್ಯಕರ್ತರು ಬಿಜೆಪಿ ನಾಯಕರ ವಿರುದ್ಧ ಘೋಷಣೆ ಕೂಗಿದರು.
ಕೋಡ್ಸಾ ಕರ್ನಾಟಕ ವಿರುದ್ಧ ಘೋಷಣೆ ಕೂಗಿ ಆಕ್ರೋಶ ವ್ಯಕ್ತಪಡಿಸಿದರು. ಪ್ರತಿಭಟನೆಯಲ್ಲಿ ಮೈಸೂರು ನಗರ ಜಿಲ್ಲಾ ಕಾಂಗ್ರೆಸ್ ಅಧ್ಯಕ್ಷ ಆರ್.ಮೂರ್ತಿ ಪದಾಧಿಕಾರಿಗಳು ಪಾಲ್ಗೊಂಡಿದ್ದರು.
ಸ್ವಿಮಿಯ ಬಗ್ಗೆ ಜನರು ಎಚ್ಚರಿಕೆ ವಹಿಸಬೇಕು ಎಂದು ತಿಳಿಸಿದರು. ಈ ವೇಳೆ ಕಾಂಗ್ರೆಸ್ ಮುಖಂಡ ಭಾಸ್ಕರ್ ಎಲ್.ಗೌಡ ಮತ್ತಿತರರು ಹಾಜರಿದ್ದರು.
ಪ್ರಸಾದ್ ಅವರ ಅಡಿ ಹುದ್ದೆ ಸಚಿವ ವೈಷ್ಣವಿ ಬುದ್ಧ ಪ್ರಧಾನಿ ಆದರೆ ಅವರ ಮನವಿ ಹಿಂತೆಗೆದುಕೊಳ್ಳಬೇಕು ಎಂದು ಒತ್ತಾಯಿಸಿದರು.
ಪಡೆದುಕೊಂಡಿದ್ದಾರೆ ಎಂದರು. ಪ್ರತಿಭಟನೆಯಲ್ಲಿ ಕಾಂಗ್ರೆಸ್ ನಗರಾಧ್ಯಕ್ಷ ಆರ್.ಮೂರ್ತಿ, ಮೇಯರ್ ಪುಷ್ಪಲತಾ ಜಗನ್ನಾಥ್, ಕಾಂಗ್ರೆಸ್ ವಕ್ತಾರ ಹೆಚ್.ಎ.ವೆಂಕಟೇಶ್, ರಾಜ್ಯ ಮಹಿಳಾ ಆಯೋಗದ ಮಾಜಿ ಅಧ್ಯಕ್ಷೆ ಮಂಜುಳಾ ಮಾನಸ, ಮಾಜಿ ಮೇಯರ್‌ಗಳಾದ ಬಿ.ಕೆ.ಪ್ರಕಾಶ್, ಪುರುಷೋತ್ತಮ್, ಟಿ.ಬಿ.ಚಿಕ್ಕಣ್ಣ, ನಗರ ಪಾಲಿಕೆ ಸದಸ್ಯರಾದ ಅಯೂಬ್ ಖಾನ್, ಸೋಮಶೇಖರ್, ಮುಖಂಡರಾದ ನಾಗೇಶ್, ಎನ್.ಕೆ.ರುದ್ರೇಶ್, ಲೋಕೇಶ್, ಪ್ರಕಾಶ್, ಪ್ರದೀಪ್ ಕುಮಾರ್, ಶಿವಣ್ಣ ಮತ್ತಿತರರು ಪಾಲ್ಗೊಂಡಿದ್ದರು.
